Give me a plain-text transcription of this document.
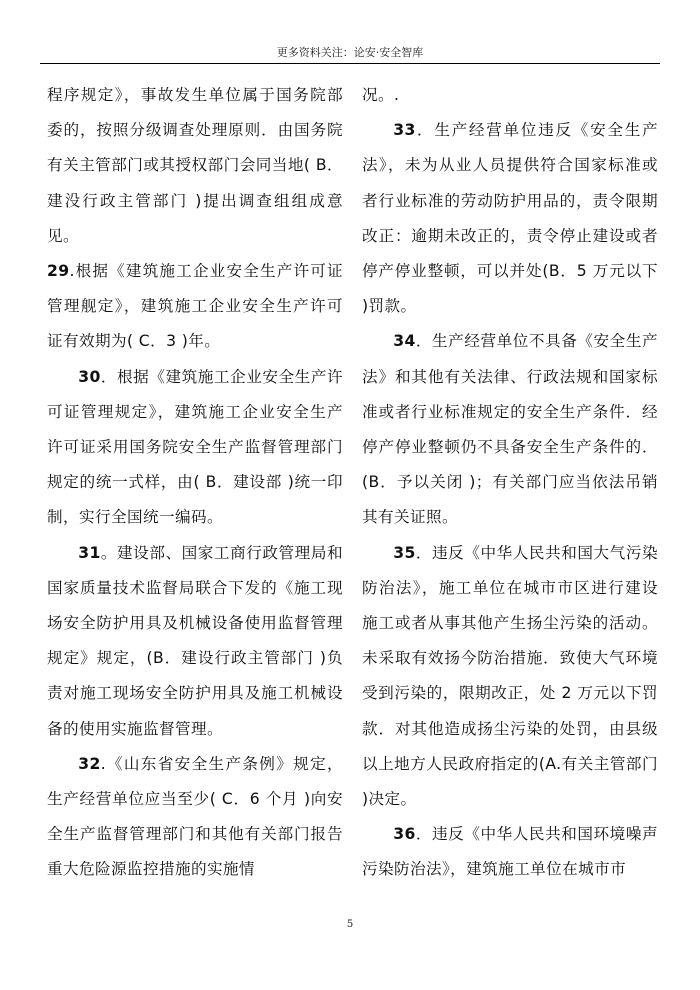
更多资料关注：论安·安全智库

程序规定》，事故发生单位属于国务院部委的，按照分级调查处理原则．由国务院有关主管部门或其授权部门会同当地( B．建没行政主管部门 )提出调查组组成意见。

29.根据《建筑施工企业安全生产许可证管理舰定》，建筑施工企业安全生产许可证有效期为( C．3 )年。

30．根据《建筑施工企业安全生产许可证管理规定》，建筑施工企业安全生产许可证采用国务院安全生产监督管理部门规定的统一式样，由( B．建设部 )统一印制，实行全国统一编码。

31。建设部、国家工商行政管理局和国家质量技术监督局联合下发的《施工现场安全防护用具及机械设备使用监督管理规定》规定，(B．建设行政主管部门 )负责对施工现场安全防护用具及施工机械设备的使用实施监督管理。

32.《山东省安全生产条例》规定，生产经营单位应当至少( C．6 个月 )向安全生产监督管理部门和其他有关部门报告重大危险源监控措施的实施情

况。.

33．生产经营单位违反《安全生产法》，未为从业人员提供符合国家标准或者行业标准的劳动防护用品的，责令限期改正：逾期未改正的，责令停止建设或者停产停业整顿，可以并处(B．5 万元以下 )罚款。

34．生产经营单位不具备《安全生产法》和其他有关法律、行政法规和国家标准或者行业标准规定的安全生产条件．经停产停业整顿仍不具备安全生产条件的．(B．予以关闭 )；有关部门应当依法吊销其有关证照。

35．违反《中华人民共和国大气污染防治法》，施工单位在城市市区进行建设施工或者从事其他产生扬尘污染的活动。未采取有效扬今防治措施．致使大气环境受到污染的，限期改正，处 2 万元以下罚款．对其他造成扬尘污染的处罚，由县级以上地方人民政府指定的(A.有关主管部门 )决定。

36．违反《中华人民共和国环境噪声污染防治法》，建筑施工单位在城市市

5
